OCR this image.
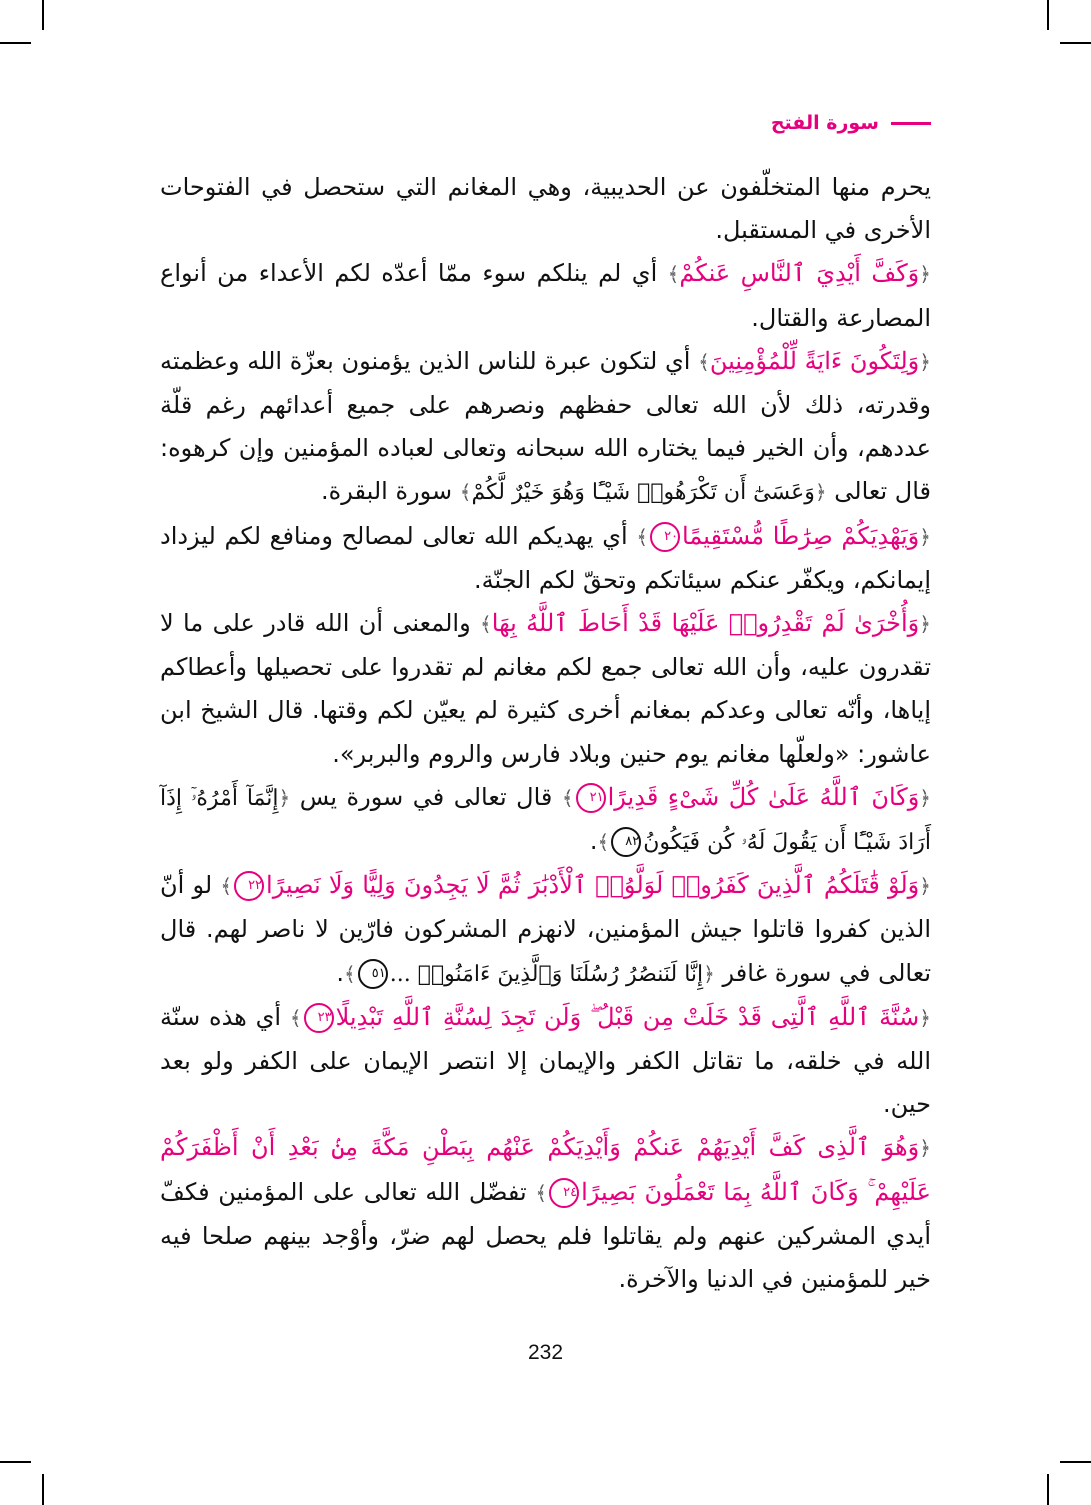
سورة الفتح

يحرم منها المتخلّفون عن الحديبية، وهي المغانم التي ستحصل في الفتوحات الأخرى في المستقبل.

﴿وَكَفَّ أَيْدِيَ ٱلنَّاسِ عَنكُمْ﴾ أي لم ينلكم سوء ممّا أعدّه لكم الأعداء من أنواع المصارعة والقتال.

﴿وَلِتَكُونَ ءَايَةً لِّلْمُؤْمِنِينَ﴾ أي لتكون عبرة للناس الذين يؤمنون بعزّة الله وعظمته وقدرته، ذلك لأن الله تعالى حفظهم ونصرهم على جميع أعدائهم رغم قلّة عددهم، وأن الخير فيما يختاره الله سبحانه وتعالى لعباده المؤمنين وإن كرهوه: قال تعالى ﴿وَعَسَىٰٓ أَن تَكْرَهُوا۟ شَيْـًٔا وَهُوَ خَيْرٌ لَّكُمْ﴾ سورة البقرة.

﴿وَيَهْدِيَكُمْ صِرَٰطًا مُّسْتَقِيمًا٢٠﴾ أي يهديكم الله تعالى لمصالح ومنافع لكم ليزداد إيمانكم، ويكفّر عنكم سيئاتكم وتحقّ لكم الجنّة.

﴿وَأُخْرَىٰ لَمْ تَقْدِرُوا۟ عَلَيْهَا قَدْ أَحَاطَ ٱللَّهُ بِهَا﴾ والمعنى أن الله قادر على ما لا تقدرون عليه، وأن الله تعالى جمع لكم مغانم لم تقدروا على تحصيلها وأعطاكم إياها، وأنّه تعالى وعدكم بمغانم أخرى كثيرة لم يعيّن لكم وقتها. قال الشيخ ابن عاشور: «ولعلّها مغانم يوم حنين وبلاد فارس والروم والبربر».

﴿وَكَانَ ٱللَّهُ عَلَىٰ كُلِّ شَىْءٍ قَدِيرًا٢١﴾ قال تعالى في سورة يس ﴿إِنَّمَآ أَمْرُهُۥٓ إِذَآ أَرَادَ شَيْـًٔا أَن يَقُولَ لَهُۥ كُن فَيَكُونُ٨٢﴾.

﴿وَلَوْ قَٰتَلَكُمُ ٱلَّذِينَ كَفَرُوا۟ لَوَلَّوُا۟ ٱلْأَدْبَٰرَ ثُمَّ لَا يَجِدُونَ وَلِيًّا وَلَا نَصِيرًا٢٢﴾ لو أنّ الذين كفروا قاتلوا جيش المؤمنين، لانهزم المشركون فارّين لا ناصر لهم. قال تعالى في سورة غافر ﴿إِنَّا لَنَنصُرُ رُسُلَنَا وَٱلَّذِينَ ءَامَنُوا۟ ...٥١﴾.

﴿سُنَّةَ ٱللَّهِ ٱلَّتِى قَدْ خَلَتْ مِن قَبْلُ ۖ وَلَن تَجِدَ لِسُنَّةِ ٱللَّهِ تَبْدِيلًا٢٣﴾ أي هذه سنّة الله في خلقه، ما تقاتل الكفر والإيمان إلا انتصر الإيمان على الكفر ولو بعد حين.

﴿وَهُوَ ٱلَّذِى كَفَّ أَيْدِيَهُمْ عَنكُمْ وَأَيْدِيَكُمْ عَنْهُم بِبَطْنِ مَكَّةَ مِنۢ بَعْدِ أَنْ أَظْفَرَكُمْ عَلَيْهِمْ ۚ وَكَانَ ٱللَّهُ بِمَا تَعْمَلُونَ بَصِيرًا٢٤﴾ تفضّل الله تعالى على المؤمنين فكفّ أيدي المشركين عنهم ولم يقاتلوا فلم يحصل لهم ضرّ، وأوْجد بينهم صلحا فيه خير للمؤمنين في الدنيا والآخرة.

232
